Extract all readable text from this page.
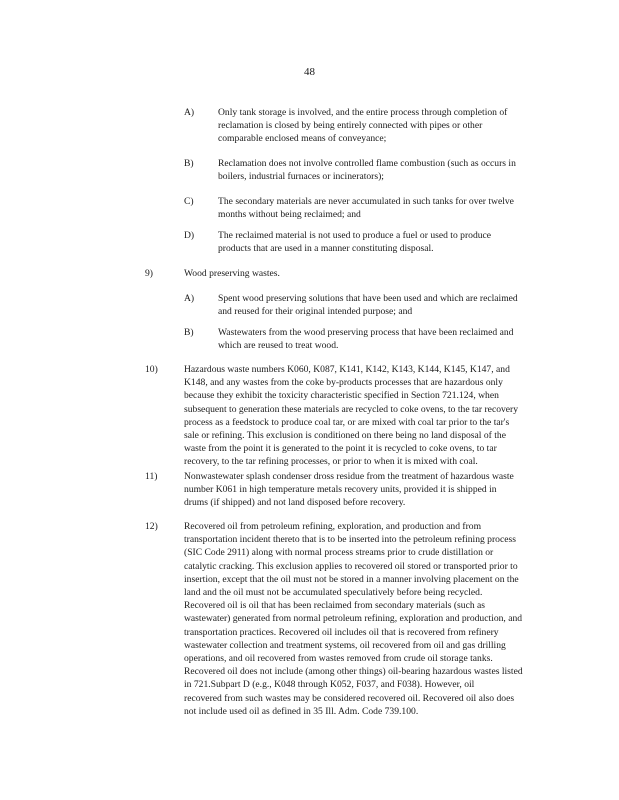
48
A) Only tank storage is involved, and the entire process through completion of
reclamation is closed by being entirely connected with pipes or other
comparable enclosed means of conveyance;
B)	Reclamation does not involve controlled flame combustion (such as occurs in
boilers, industrial furnaces or incinerators);
C)	The secondary materials are never accumulated in such tanks for over twelve
months without being reclaimed; and
D) The reclaimed material is not used to produce a fuel or used to produce
products that are used in a manner constituting disposal.
9)	Wood preserving wastes.
A) Spent wood preserving solutions that have been used and which are reclaimed
and reused for their original intended purpose; and
B)	Wastewaters from the wood preserving process that have been reclaimed and
which are reused to treat wood.
10)	Hazardous waste numbers K060, K087, K141, K142, K143, K144, K145, K147, and
K148, and any wastes from the coke by-products processes that are hazardous only
because they exhibit the toxicity characteristic specified in Section 721.124, when
subsequent to generation these materials are recycled to coke ovens, to the tar recovery
process as a feedstock to produce coal tar, or are mixed with coal tar prior to the tar's
sale or refining. This exclusion is conditioned on there being no land disposal of the
waste from the point it is generated to the point it is recycled to coke ovens, to tar
recovery, to the tar refining processes, or prior to when it is mixed with coal.
11)	Nonwastewater splash condenser dross residue from the treatment of hazardous waste
number K061 in high temperature metals recovery units, provided it is shipped in
drums (if shipped) and not land disposed before recovery.
12)	Recovered oil from petroleum refining, exploration, and production and from
transportation incident thereto that is to be inserted into the petroleum refining process
(SIC Code 2911) along with normal process streams prior to crude distillation or
catalytic cracking. This exclusion applies to recovered oil stored or transported prior to
insertion, except that the oil must not be stored in a manner involving placement on the
land and the oil must not be accumulated speculatively before being recycled.
Recovered oil is oil that has been reclaimed from secondary materials (such as
wastewater) generated from normal petroleum refining, exploration and production, and
transportation practices. Recovered oil includes oil that is recovered from refinery
wastewater collection and treatment systems, oil recovered from oil and gas drilling
operations, and oil recovered from wastes removed from crude oil storage tanks.
Recovered oil does not include (among other things) oil-bearing hazardous wastes listed
in 721.Subpart D (e.g., K048 through K052, F037, and F038). However, oil
recovered from such wastes may be considered recovered oil. Recovered oil also does
not include used oil as defined in 35 Ill. Adm. Code 739.100.
